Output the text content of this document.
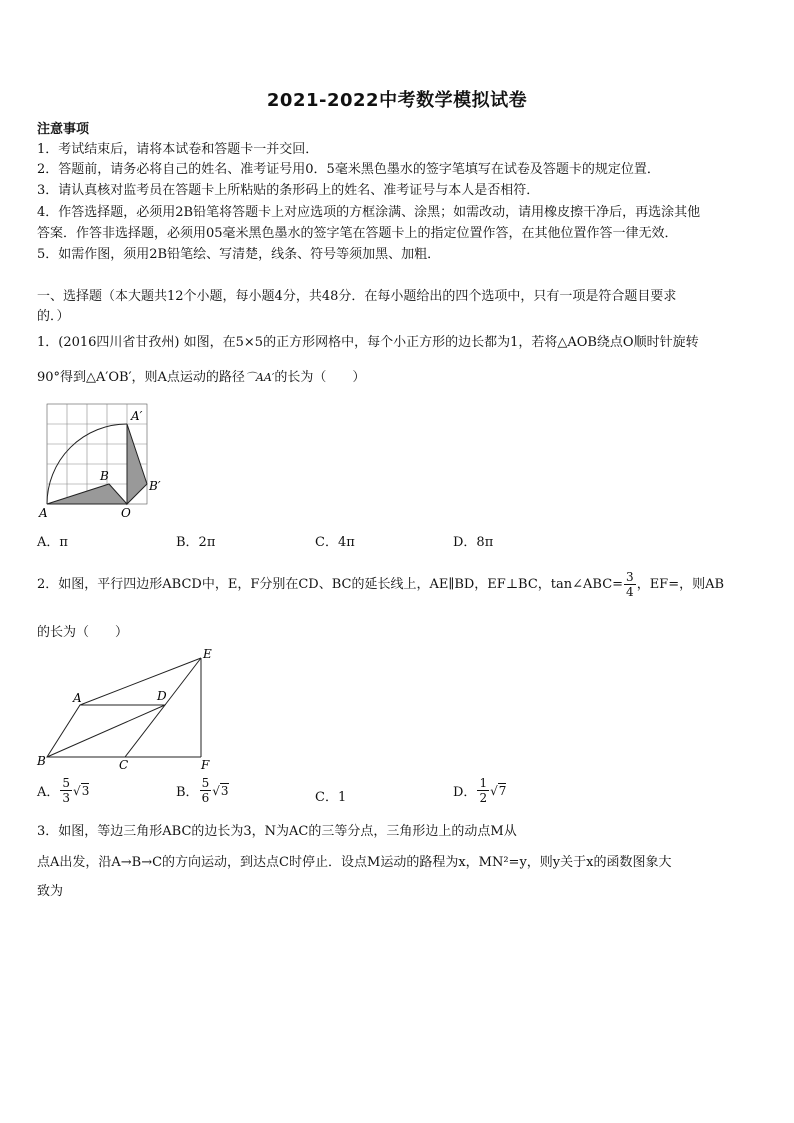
2021-2022中考数学模拟试卷
注意事项
1．考试结束后，请将本试卷和答题卡一并交回．
2．答题前，请务必将自己的姓名、准考证号用0．5毫米黑色墨水的签字笔填写在试卷及答题卡的规定位置．
3．请认真核对监考员在答题卡上所粘贴的条形码上的姓名、准考证号与本人是否相符．
4．作答选择题，必须用2B铅笔将答题卡上对应选项的方框涂满、涂黑；如需改动，请用橡皮擦干净后，再选涂其他
答案．作答非选择题，必须用05毫米黑色墨水的签字笔在答题卡上的指定位置作答，在其他位置作答一律无效．
5．如需作图，须用2B铅笔绘、写清楚，线条、符号等须加黑、加粗．
一、选择题（本大题共12个小题，每小题4分，共48分．在每小题给出的四个选项中，只有一项是符合题目要求
的．）
1．(2016四川省甘孜州) 如图，在5×5的正方形网格中，每个小正方形的边长都为1，若将△AOB绕点O顺时针旋转
90°得到△A′OB′，则A点运动的路径⌒AA′的长为（　　）
A	O
B
A′
B′
A．π	B．2π	C．4π	D．8π
2．如图，平行四边形ABCD中，E，F分别在CD、BC的延长线上，AE∥BD，EF⊥BC，tan∠ABC= $\frac{3}{4}$ ，EF=，则AB
的长为（　　）
A
B	C
D
E
F
A． $\frac{5}{3} √3$	B． $\frac{5}{6} √3$	C．1	D． $\frac{1}{2} √7$
3．如图，等边三角形ABC的边长为3，N为AC的三等分点，三角形边上的动点M从
点A出发，沿A→B→C的方向运动，到达点C时停止．设点M运动的路程为x，MN²=y，则y关于x的函数图象大
致为
